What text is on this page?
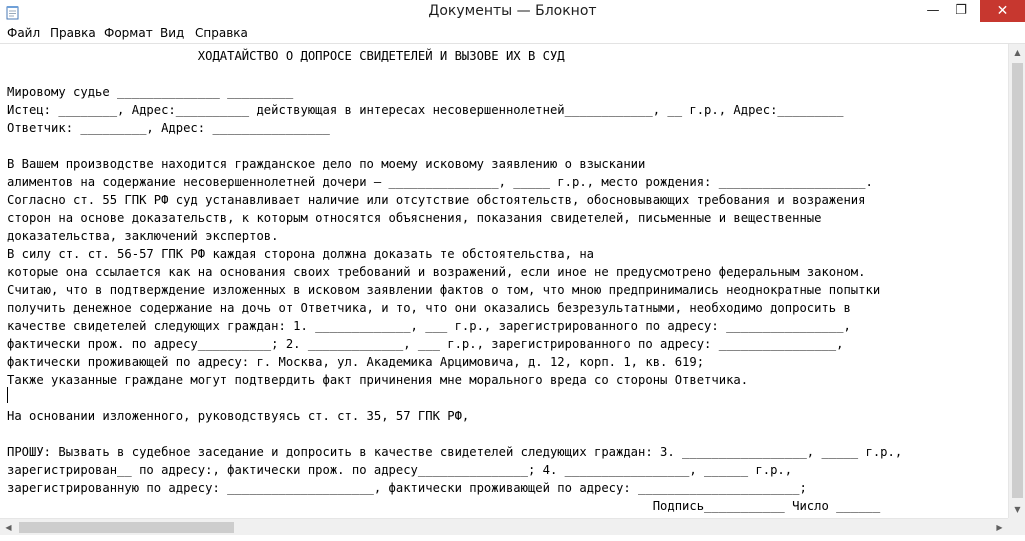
Документы — Блокнот	—	❐	✕
Файл Правка Формат Вид Справка
ХОДАТАЙСТВО О ДОПРОСЕ СВИДЕТЕЛЕЙ И ВЫЗОВЕ ИХ В СУД
Мировому судье ______________ _________
Истец: ________, Адрес:__________ действующая в интересах несовершеннолетней____________, __ г.р., Адрес:_________
Ответчик: _________, Адрес: ________________
В Вашем производстве находится гражданское дело по моему исковому заявлению о взыскании
алиментов на содержание несовершеннолетней дочери — _______________, _____ г.р., место рождения: ____________________.
Согласно ст. 55 ГПК РФ суд устанавливает наличие или отсутствие обстоятельств, обосновывающих требования и возражения
сторон на основе доказательств, к которым относятся объяснения, показания свидетелей, письменные и вещественные
доказательства, заключений экспертов.
В силу ст. ст. 56-57 ГПК РФ каждая сторона должна доказать те обстоятельства, на
которые она ссылается как на основания своих требований и возражений, если иное не предусмотрено федеральным законом.
Считаю, что в подтверждение изложенных в исковом заявлении фактов о том, что мною предпринимались неоднократные попытки
получить денежное содержание на дочь от Ответчика, и то, что они оказались безрезультатными, необходимо допросить в
качестве свидетелей следующих граждан: 1. _____________, ___ г.р., зарегистрированного по адресу: ________________,
фактически прож. по адресу__________; 2. _____________, ___ г.р., зарегистрированного по адресу: ________________,
фактически проживающей по адресу: г. Москва, ул. Академика Арцимовича, д. 12, корп. 1, кв. 619;
Также указанные граждане могут подтвердить факт причинения мне морального вреда со стороны Ответчика.
На основании изложенного, руководствуясь ст. ст. 35, 57 ГПК РФ,
ПРОШУ: Вызвать в судебное заседание и допросить в качестве свидетелей следующих граждан: 3. _________________, _____ г.р.,
зарегистрирован__ по адресу:, фактически прож. по адресу_______________; 4. _________________, ______ г.р.,
зарегистрированную по адресу: ____________________, фактически проживающей по адресу: ______________________;
Подпись___________ Число ______
▲
▼
◀	▶
